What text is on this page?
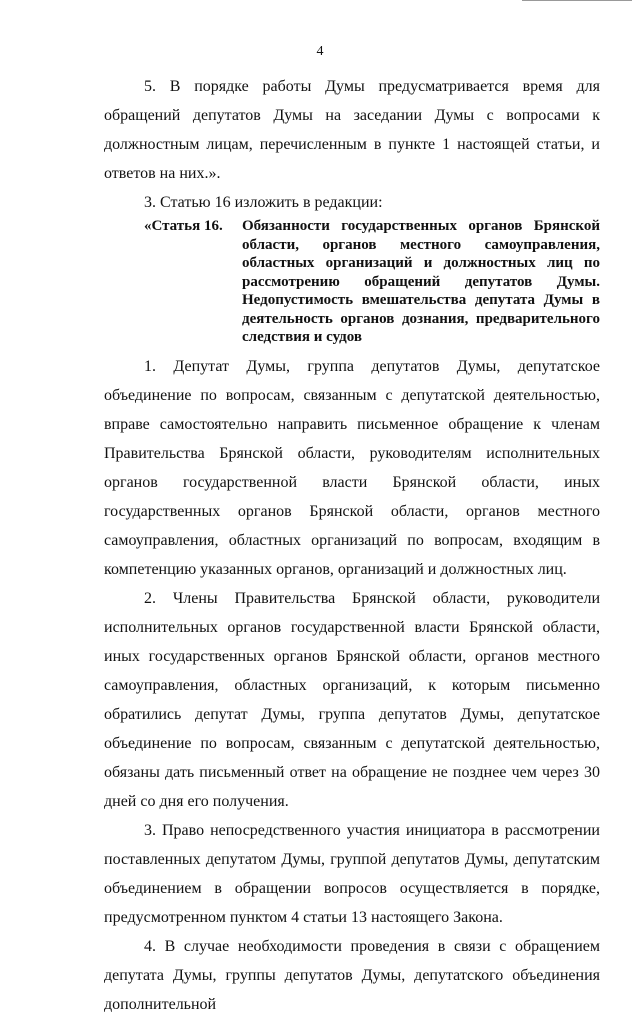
4

5. В порядке работы Думы предусматривается время для обращений депутатов Думы на заседании Думы с вопросами к должностным лицам, перечисленным в пункте 1 настоящей статьи, и ответов на них.».

3. Статью 16 изложить в редакции:

«Статья 16. Обязанности государственных органов Брянской области, органов местного самоуправления, областных организаций и должностных лиц по рассмотрению обращений депутатов Думы. Недопустимость вмешательства депутата Думы в деятельность органов дознания, предварительного следствия и судов

1. Депутат Думы, группа депутатов Думы, депутатское объединение по вопросам, связанным с депутатской деятельностью, вправе самостоятельно направить письменное обращение к членам Правительства Брянской области, руководителям исполнительных органов государственной власти Брянской области, иных государственных органов Брянской области, органов местного самоуправления, областных организаций по вопросам, входящим в компетенцию указанных органов, организаций и должностных лиц.

2. Члены Правительства Брянской области, руководители исполнительных органов государственной власти Брянской области, иных государственных органов Брянской области, органов местного самоуправления, областных организаций, к которым письменно обратились депутат Думы, группа депутатов Думы, депутатское объединение по вопросам, связанным с депутатской деятельностью, обязаны дать письменный ответ на обращение не позднее чем через 30 дней со дня его получения.

3. Право непосредственного участия инициатора в рассмотрении поставленных депутатом Думы, группой депутатов Думы, депутатским объединением в обращении вопросов осуществляется в порядке, предусмотренном пунктом 4 статьи 13 настоящего Закона.

4. В случае необходимости проведения в связи с обращением депутата Думы, группы депутатов Думы, депутатского объединения дополнительной
